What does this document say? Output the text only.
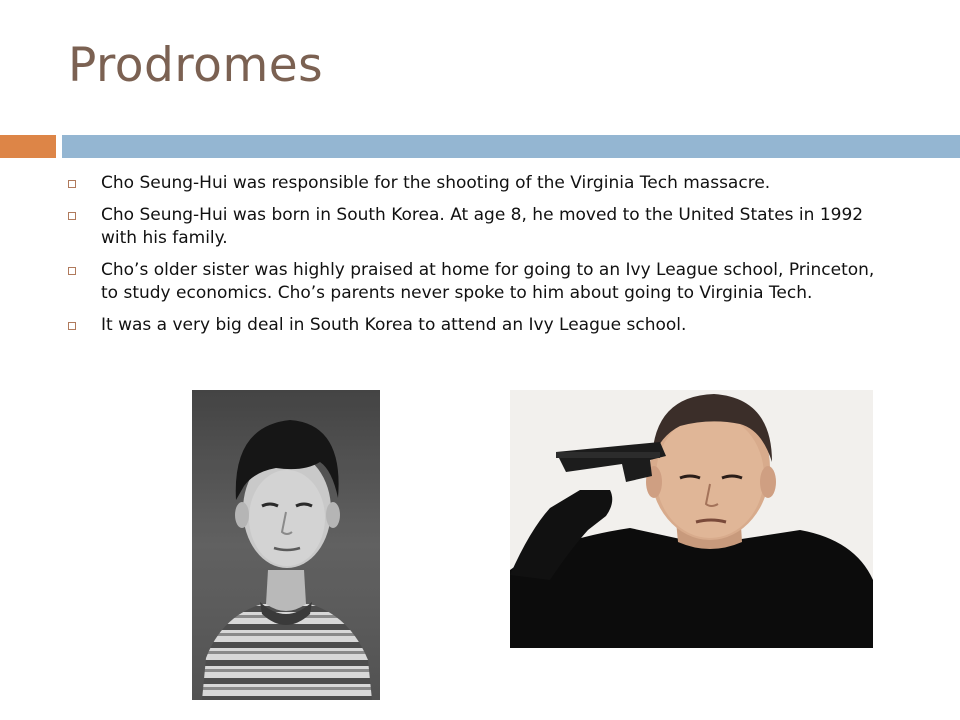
Prodromes
Cho Seung-Hui was responsible for the shooting of the Virginia Tech massacre.
Cho Seung-Hui was born in South Korea. At age 8, he moved to the United States in 1992 with his family.
Cho’s older sister was highly praised at home for going to an Ivy League school, Princeton, to study economics. Cho’s parents never spoke to him about going to Virginia Tech.
It was a very big deal in South Korea to attend an Ivy League school.
